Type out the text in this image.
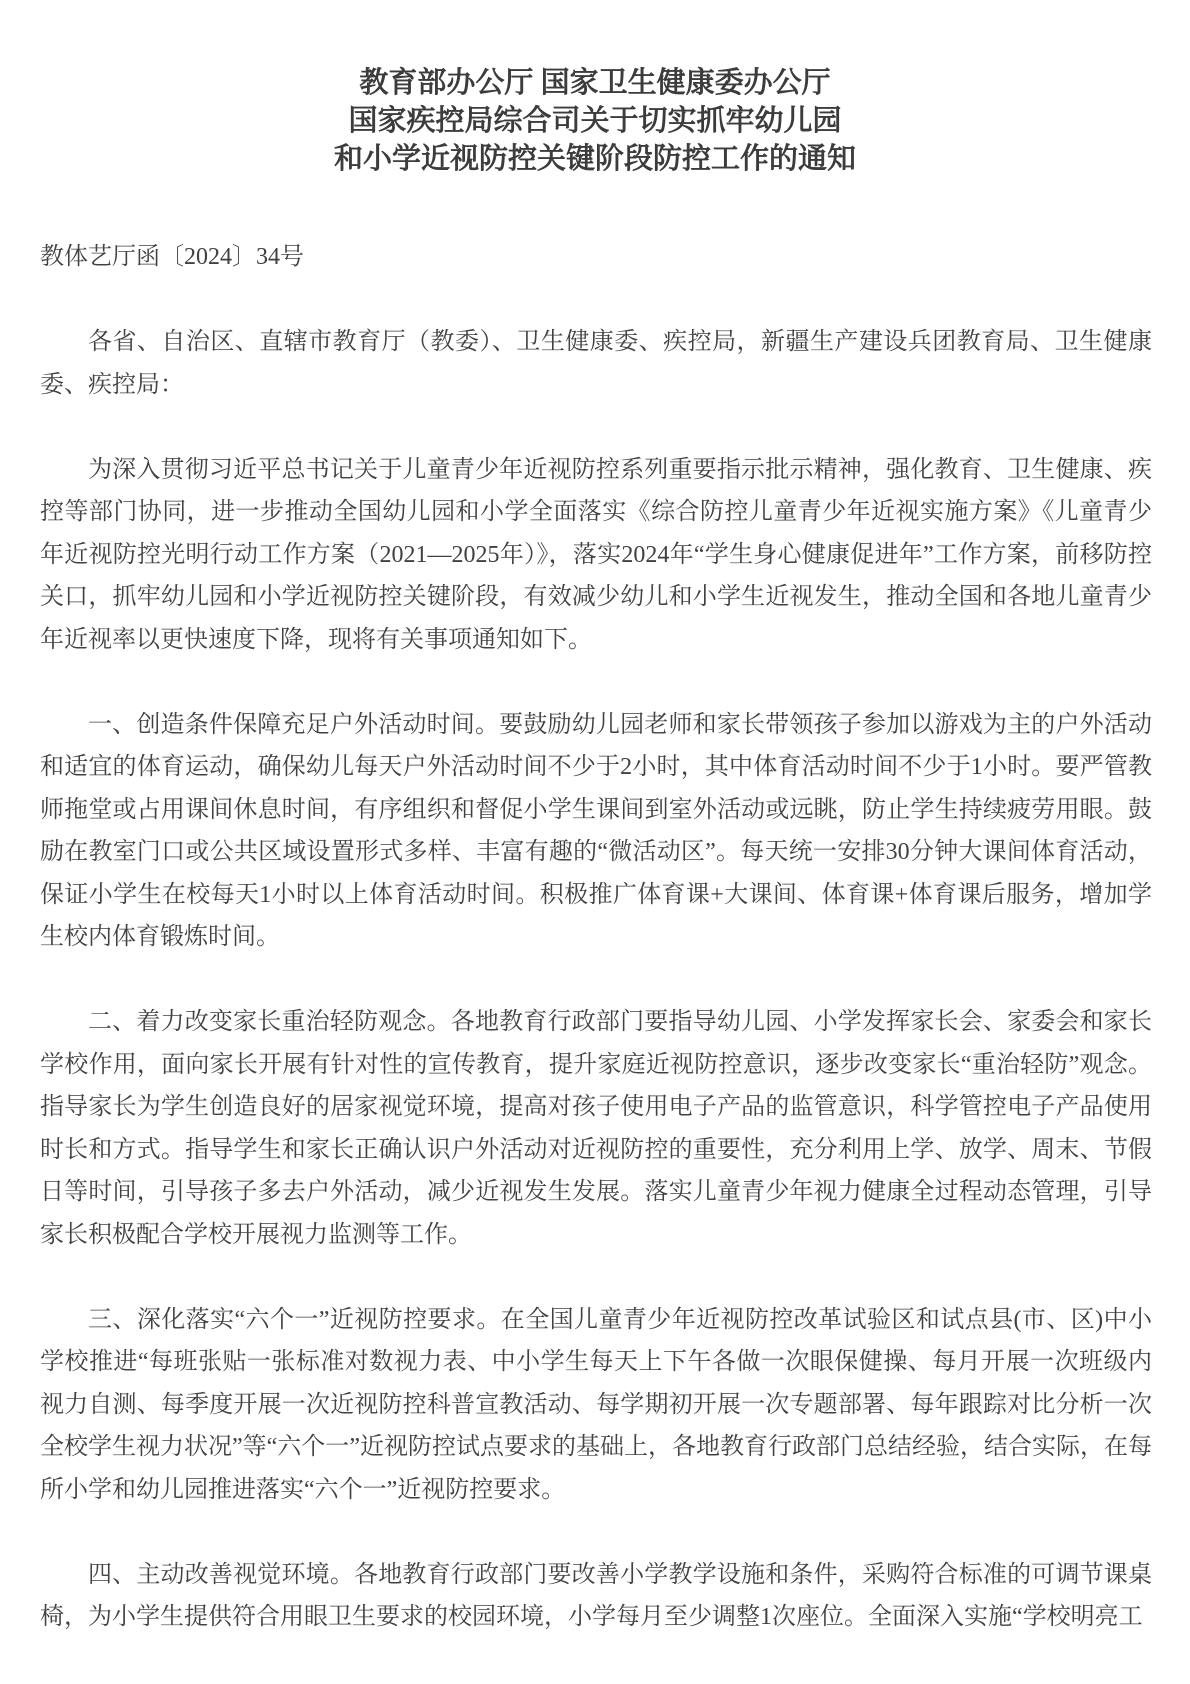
教育部办公厅 国家卫生健康委办公厅
国家疾控局综合司关于切实抓牢幼儿园
和小学近视防控关键阶段防控工作的通知
教体艺厅函〔2024〕34号

各省、自治区、直辖市教育厅（教委）、卫生健康委、疾控局，新疆生产建设兵团教育局、卫生健康委、疾控局：

为深入贯彻习近平总书记关于儿童青少年近视防控系列重要指示批示精神，强化教育、卫生健康、疾控等部门协同，进一步推动全国幼儿园和小学全面落实《综合防控儿童青少年近视实施方案》《儿童青少年近视防控光明行动工作方案（2021—2025年）》，落实2024年“学生身心健康促进年”工作方案，前移防控关口，抓牢幼儿园和小学近视防控关键阶段，有效减少幼儿和小学生近视发生，推动全国和各地儿童青少年近视率以更快速度下降，现将有关事项通知如下。

一、创造条件保障充足户外活动时间。要鼓励幼儿园老师和家长带领孩子参加以游戏为主的户外活动和适宜的体育运动，确保幼儿每天户外活动时间不少于2小时，其中体育活动时间不少于1小时。要严管教师拖堂或占用课间休息时间，有序组织和督促小学生课间到室外活动或远眺，防止学生持续疲劳用眼。鼓励在教室门口或公共区域设置形式多样、丰富有趣的“微活动区”。每天统一安排30分钟大课间体育活动，保证小学生在校每天1小时以上体育活动时间。积极推广体育课+大课间、体育课+体育课后服务，增加学生校内体育锻炼时间。

二、着力改变家长重治轻防观念。各地教育行政部门要指导幼儿园、小学发挥家长会、家委会和家长学校作用，面向家长开展有针对性的宣传教育，提升家庭近视防控意识，逐步改变家长“重治轻防”观念。指导家长为学生创造良好的居家视觉环境，提高对孩子使用电子产品的监管意识，科学管控电子产品使用时长和方式。指导学生和家长正确认识户外活动对近视防控的重要性，充分利用上学、放学、周末、节假日等时间，引导孩子多去户外活动，减少近视发生发展。落实儿童青少年视力健康全过程动态管理，引导家长积极配合学校开展视力监测等工作。

三、深化落实“六个一”近视防控要求。在全国儿童青少年近视防控改革试验区和试点县(市、区)中小学校推进“每班张贴一张标准对数视力表、中小学生每天上下午各做一次眼保健操、每月开展一次班级内视力自测、每季度开展一次近视防控科普宣教活动、每学期初开展一次专题部署、每年跟踪对比分析一次全校学生视力状况”等“六个一”近视防控试点要求的基础上，各地教育行政部门总结经验，结合实际，在每所小学和幼儿园推进落实“六个一”近视防控要求。

四、主动改善视觉环境。各地教育行政部门要改善小学教学设施和条件，采购符合标准的可调节课桌椅，为小学生提供符合用眼卫生要求的校园环境，小学每月至少调整1次座位。全面深入实施“学校明亮工
